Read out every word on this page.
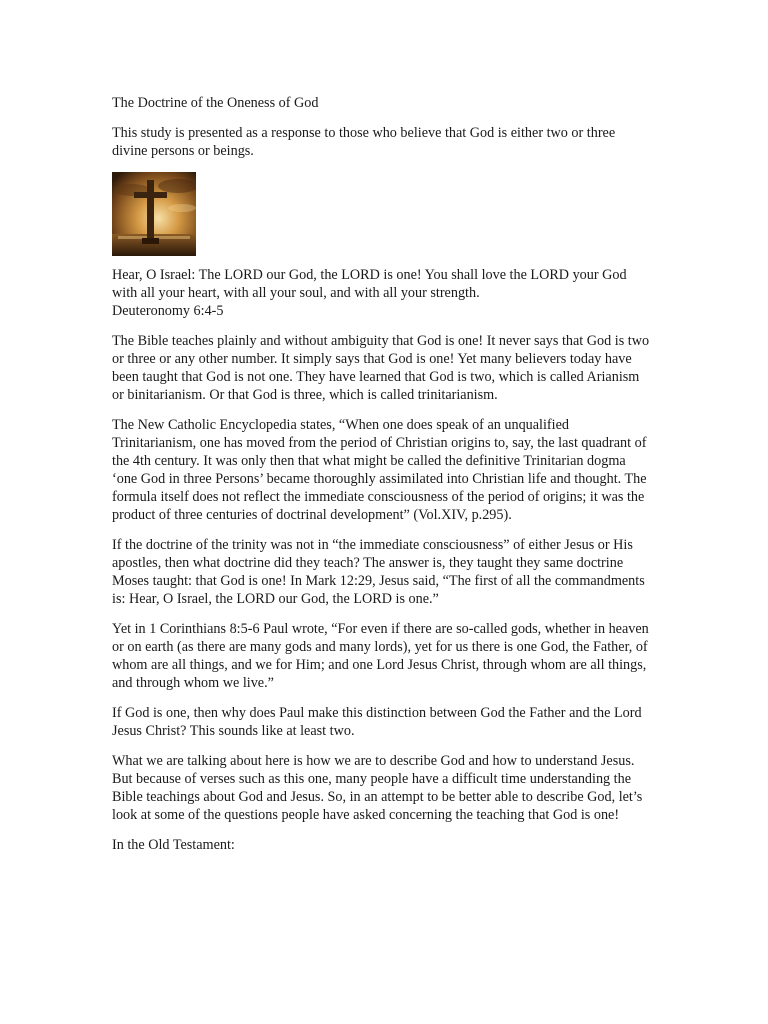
The Doctrine of the Oneness of God

This study is presented as a response to those who believe that God is either two or three divine persons or beings.

Hear, O Israel: The LORD our God, the LORD is one! You shall love the LORD your God with all your heart, with all your soul, and with all your strength.
Deuteronomy 6:4-5

The Bible teaches plainly and without ambiguity that God is one! It never says that God is two or three or any other number. It simply says that God is one! Yet many believers today have been taught that God is not one. They have learned that God is two, which is called Arianism or binitarianism. Or that God is three, which is called trinitarianism.

The New Catholic Encyclopedia states, “When one does speak of an unqualified Trinitarianism, one has moved from the period of Christian origins to, say, the last quadrant of the 4th century. It was only then that what might be called the definitive Trinitarian dogma ‘one God in three Persons’ became thoroughly assimilated into Christian life and thought. The formula itself does not reflect the immediate consciousness of the period of origins; it was the product of three centuries of doctrinal development” (Vol.XIV, p.295).

If the doctrine of the trinity was not in “the immediate consciousness” of either Jesus or His apostles, then what doctrine did they teach? The answer is, they taught they same doctrine Moses taught: that God is one! In Mark 12:29, Jesus said, “The first of all the commandments is: Hear, O Israel, the LORD our God, the LORD is one.”

Yet in 1 Corinthians 8:5-6 Paul wrote, “For even if there are so-called gods, whether in heaven or on earth (as there are many gods and many lords), yet for us there is one God, the Father, of whom are all things, and we for Him; and one Lord Jesus Christ, through whom are all things, and through whom we live.”

If God is one, then why does Paul make this distinction between God the Father and the Lord Jesus Christ? This sounds like at least two.

What we are talking about here is how we are to describe God and how to understand Jesus. But because of verses such as this one, many people have a difficult time understanding the Bible teachings about God and Jesus. So, in an attempt to be better able to describe God, let’s look at some of the questions people have asked concerning the teaching that God is one!

In the Old Testament:
